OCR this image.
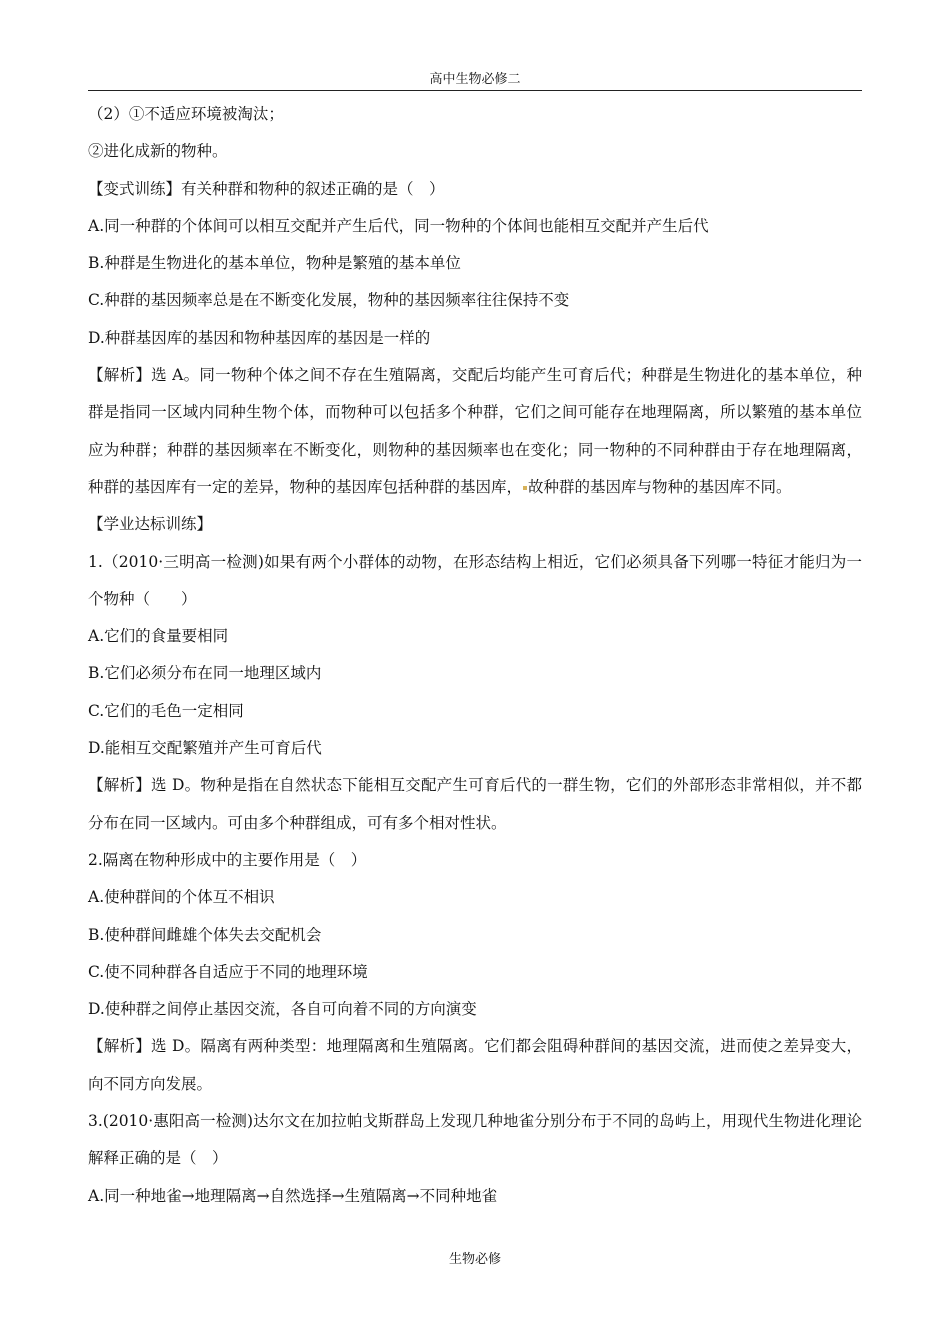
高中生物必修二
（2）①不适应环境被淘汰；
②进化成新的物种。
【变式训练】有关种群和物种的叙述正确的是（　）
A.同一种群的个体间可以相互交配并产生后代，同一物种的个体间也能相互交配并产生后代
B.种群是生物进化的基本单位，物种是繁殖的基本单位
C.种群的基因频率总是在不断变化发展，物种的基因频率往往保持不变
D.种群基因库的基因和物种基因库的基因是一样的
【解析】选 A。同一物种个体之间不存在生殖隔离，交配后均能产生可育后代；种群是生物进化的基本单位，种群是指同一区域内同种生物个体，而物种可以包括多个种群，它们之间可能存在地理隔离，所以繁殖的基本单位应为种群；种群的基因频率在不断变化，则物种的基因频率也在变化；同一物种的不同种群由于存在地理隔离，种群的基因库有一定的差异，物种的基因库包括种群的基因库， 故种群的基因库与物种的基因库不同。
【学业达标训练】
1.（2010·三明高一检测)如果有两个小群体的动物，在形态结构上相近，它们必须具备下列哪一特征才能归为一个物种（　　）
A.它们的食量要相同
B.它们必须分布在同一地理区域内
C.它们的毛色一定相同
D.能相互交配繁殖并产生可育后代
【解析】选 D。物种是指在自然状态下能相互交配产生可育后代的一群生物，它们的外部形态非常相似，并不都分布在同一区域内。可由多个种群组成，可有多个相对性状。
2.隔离在物种形成中的主要作用是（　）
A.使种群间的个体互不相识
B.使种群间雌雄个体失去交配机会
C.使不同种群各自适应于不同的地理环境
D.使种群之间停止基因交流，各自可向着不同的方向演变
【解析】选 D。隔离有两种类型：地理隔离和生殖隔离。它们都会阻碍种群间的基因交流，进而使之差异变大，向不同方向发展。
3.(2010·惠阳高一检测)达尔文在加拉帕戈斯群岛上发现几种地雀分别分布于不同的岛屿上，用现代生物进化理论解释正确的是（　）
A.同一种地雀→地理隔离→自然选择→生殖隔离→不同种地雀
生物必修
